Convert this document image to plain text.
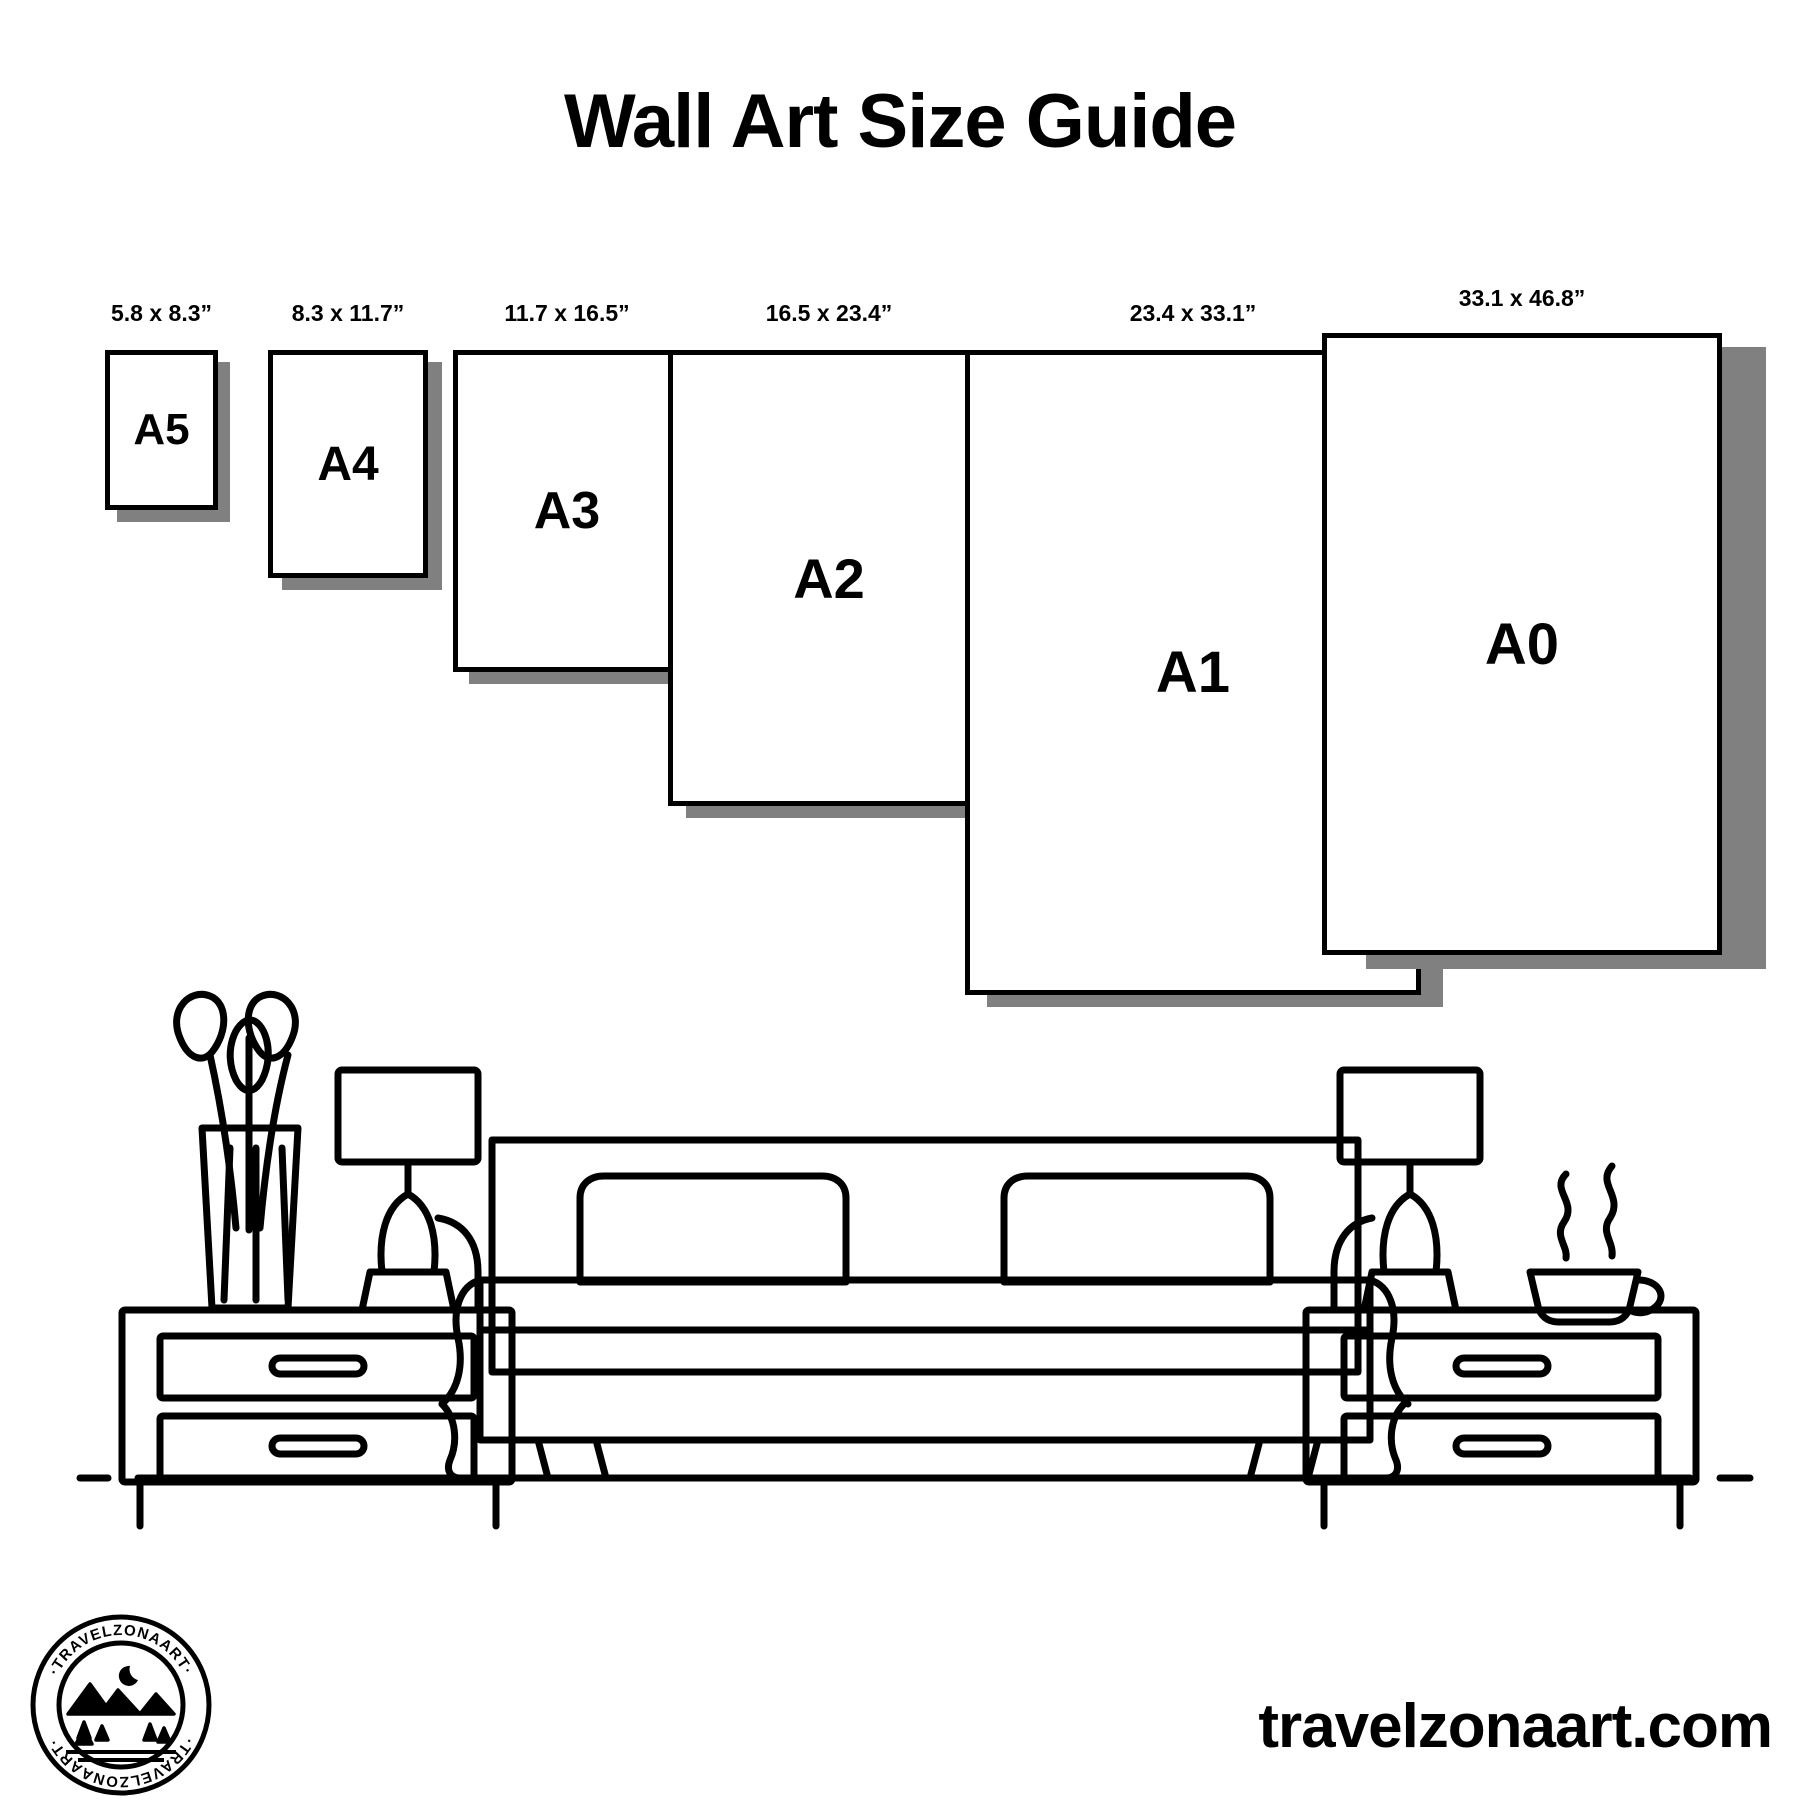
Wall Art Size Guide
5.8 x 8.3”
A5
8.3 x 11.7”
A4
11.7 x 16.5”
A3
16.5 x 23.4”
A2
23.4 x 33.1”
A1
33.1 x 46.8”
A0
·TRAVELZONAART·
·TRAVELZONAART·	travelzonaart.com
